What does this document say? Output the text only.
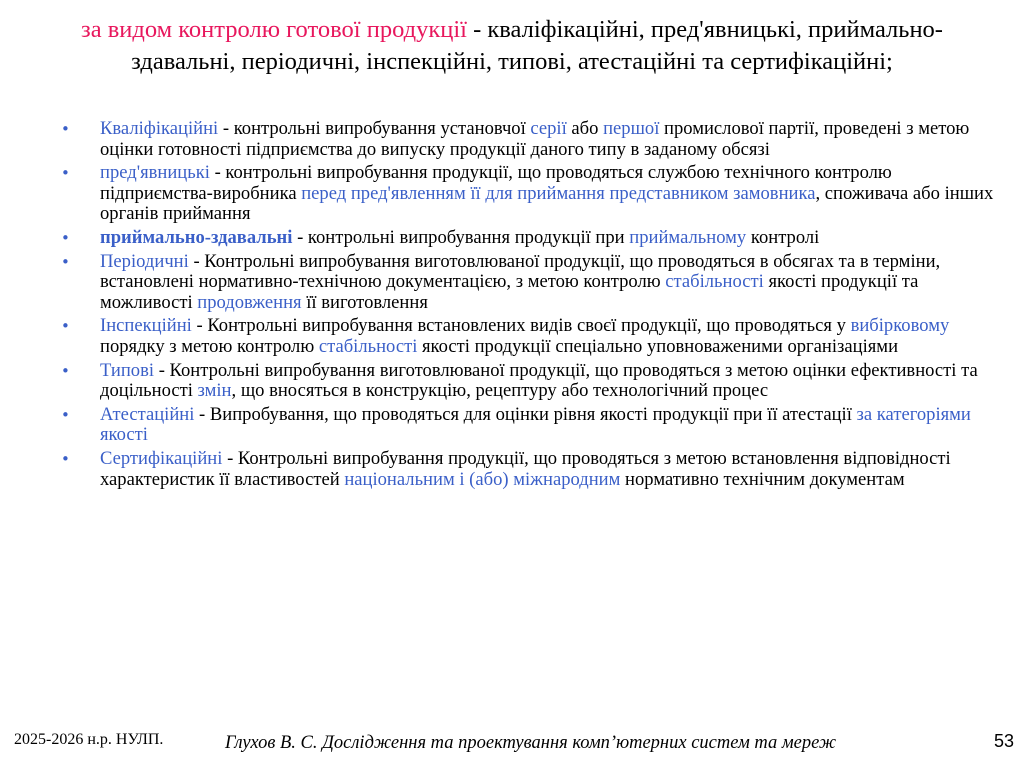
за видом контролю готової продукції - кваліфікаційні, пред'явницькі, приймально-здавальні, періодичні, інспекційні, типові, атестаційні та сертифікаційні;
• Кваліфікаційні - контрольні випробування установчої серії або першої промислової партії, проведені з метою оцінки готовності підприємства до випуску продукції даного типу в заданому обсязі
• пред'явницькі - контрольні випробування продукції, що проводяться службою технічного контролю підприємства-виробника перед пред'явленням її для приймання представником замовника, споживача або інших органів приймання
• приймально-здавальні - контрольні випробування продукції при приймальному контролі
• Періодичні - Контрольні випробування виготовлюваної продукції, що проводяться в обсягах та в терміни, встановлені нормативно-технічною документацією, з метою контролю стабільності якості продукції та можливості продовження її виготовлення
• Інспекційні - Контрольні випробування встановлених видів своєї продукції, що проводяться у вибірковому порядку з метою контролю стабільності якості продукції спеціально уповноваженими організаціями
• Типові - Контрольні випробування виготовлюваної продукції, що проводяться з метою оцінки ефективності та доцільності змін, що вносяться в конструкцію, рецептуру або технологічний процес
• Атестаційні - Випробування, що проводяться для оцінки рівня якості продукції при її атестації за категоріями якості
• Сертифікаційні - Контрольні випробування продукції, що проводяться з метою встановлення відповідності характеристик її властивостей національним і (або) міжнародним нормативно технічним документам
2025-2026 н.р. НУЛП.	Глухов В. С. Дослідження та проектування комп’ютерних систем та мереж	53
